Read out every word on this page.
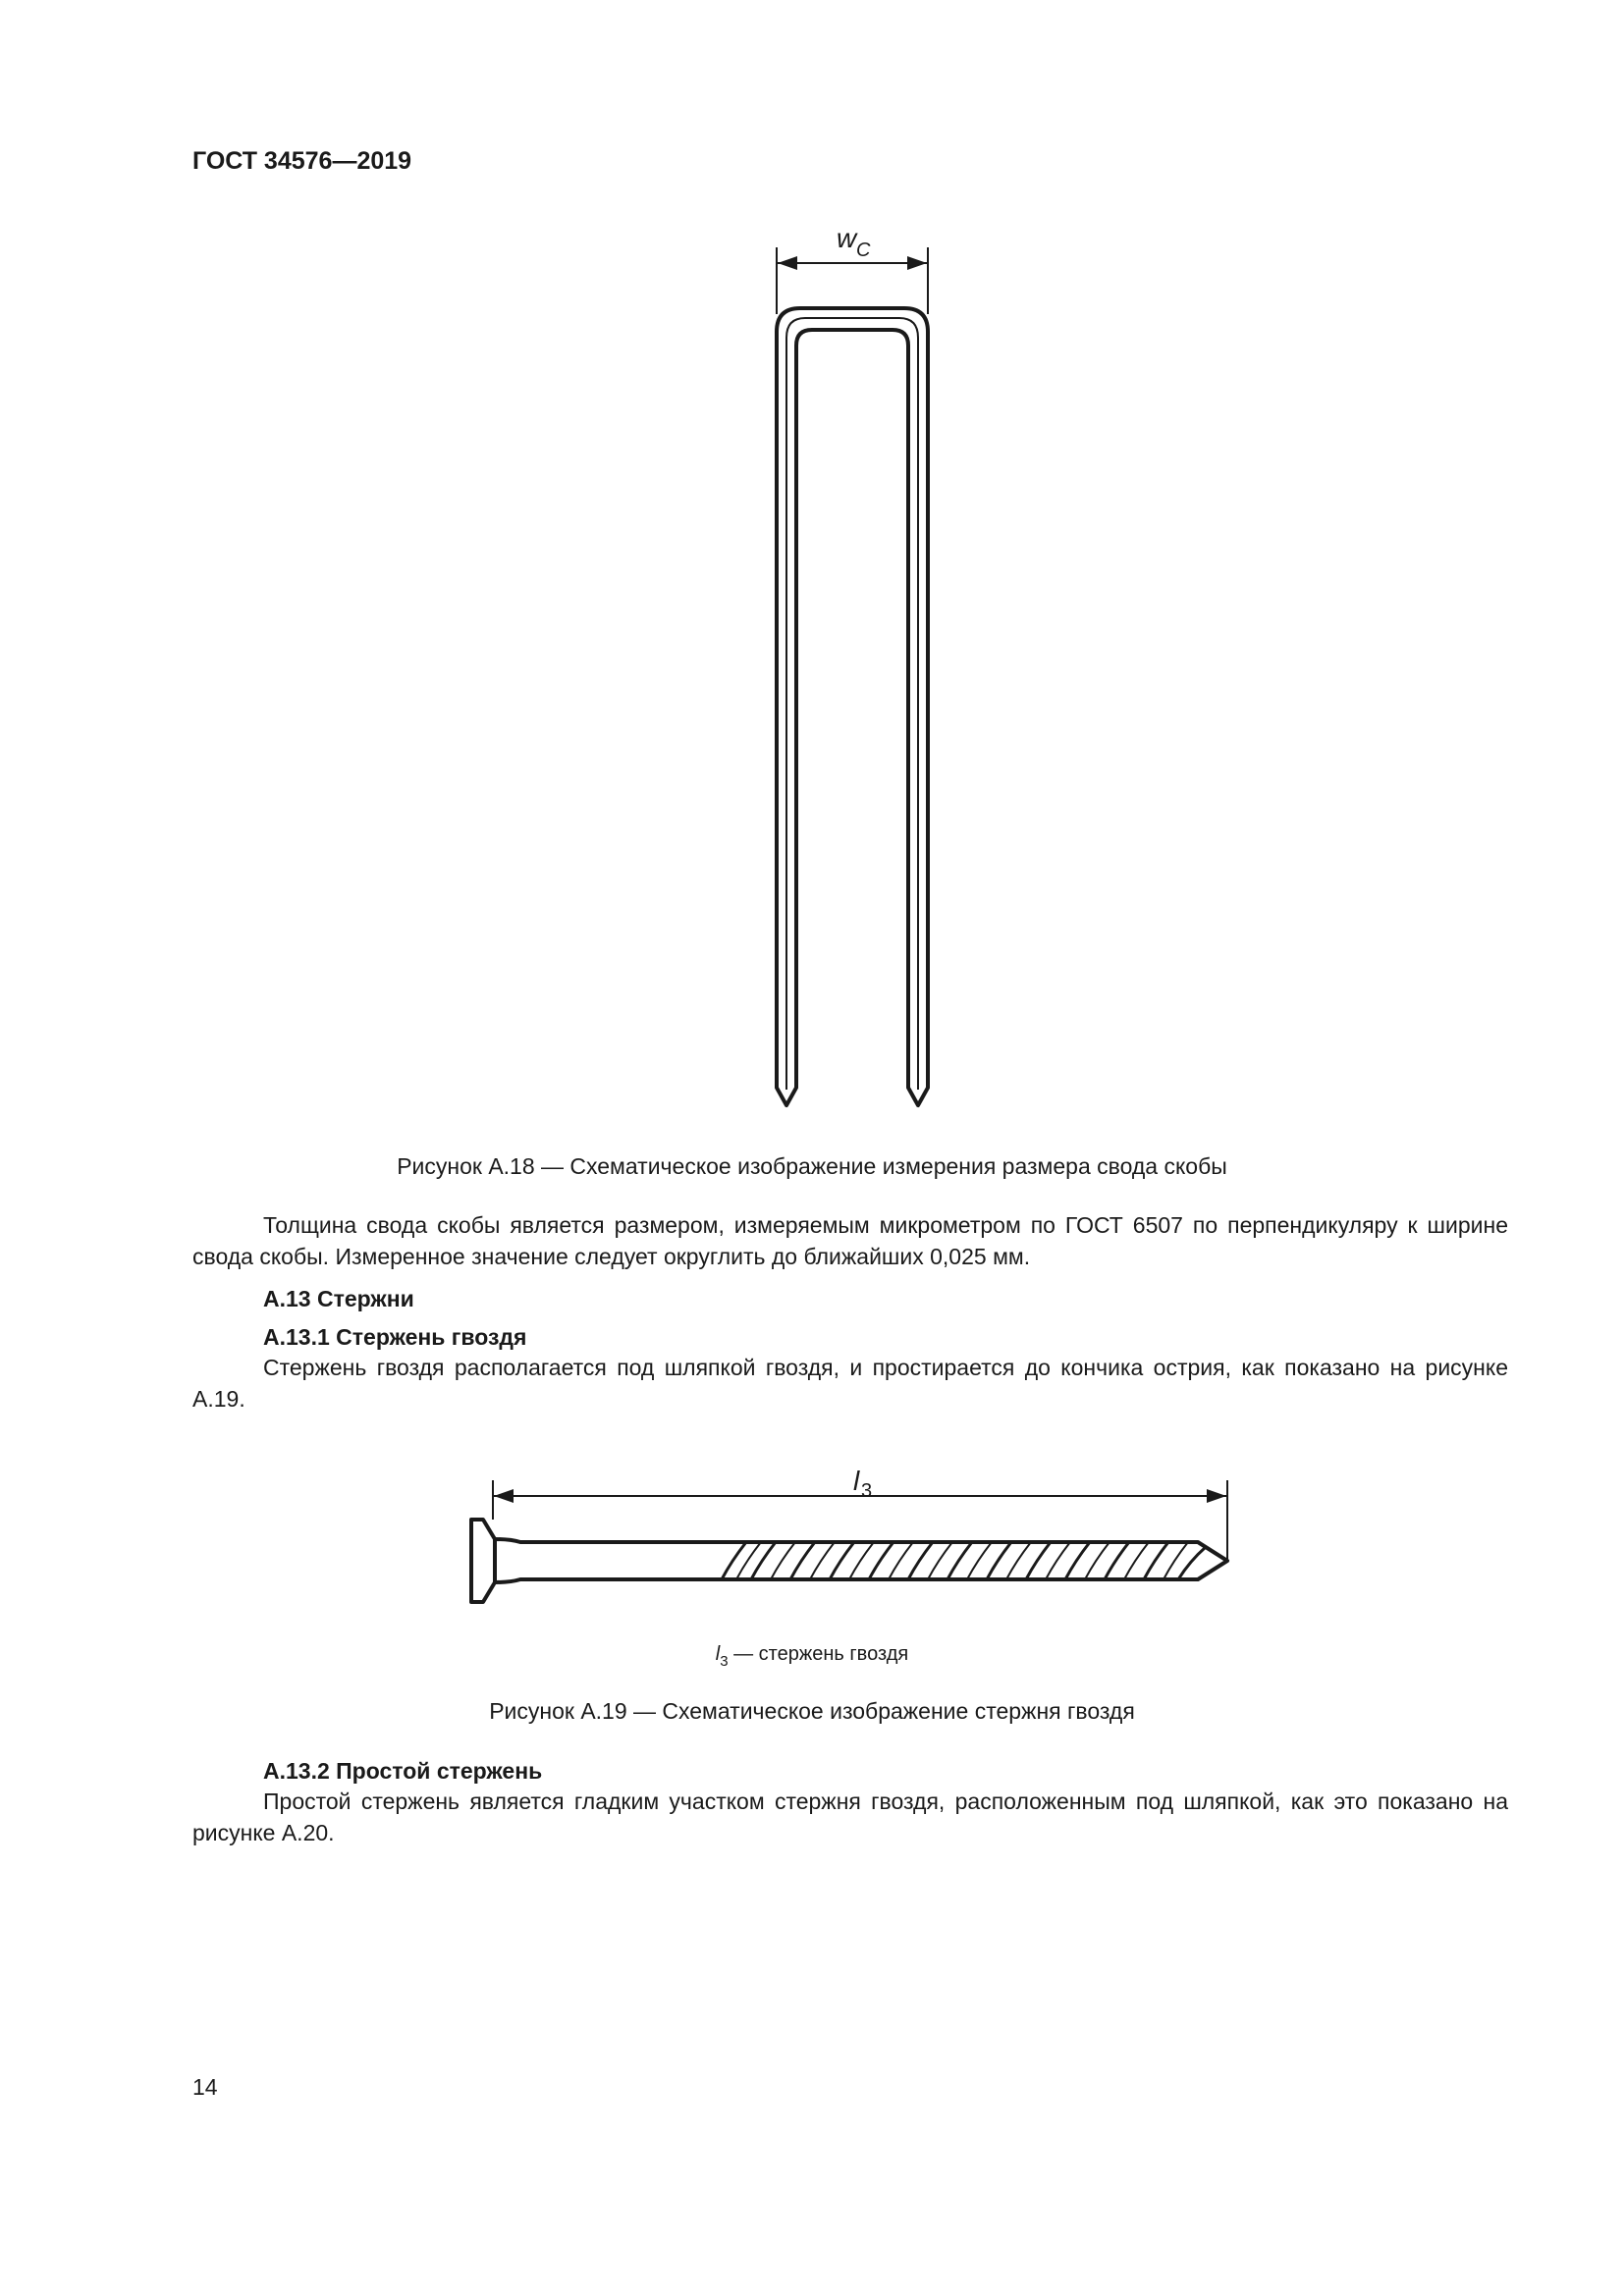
ГОСТ 34576—2019

w C

Рисунок А.18 — Схематическое изображение измерения размера свода скобы

Толщина свода скобы является размером, измеряемым микрометром по ГОСТ 6507 по перпендикуляру к ширине свода скобы. Измеренное значение следует округлить до ближайших 0,025 мм.

А.13 Стержни

А.13.1 Стержень гвоздя

Стержень гвоздя располагается под шляпкой гвоздя, и простирается до кончика острия, как показано на рисунке А.19.

l 3

$l_3$ — стержень гвоздя

Рисунок А.19 — Схематическое изображение стержня гвоздя

А.13.2 Простой стержень

Простой стержень является гладким участком стержня гвоздя, расположенным под шляпкой, как это показано на рисунке А.20.

14
